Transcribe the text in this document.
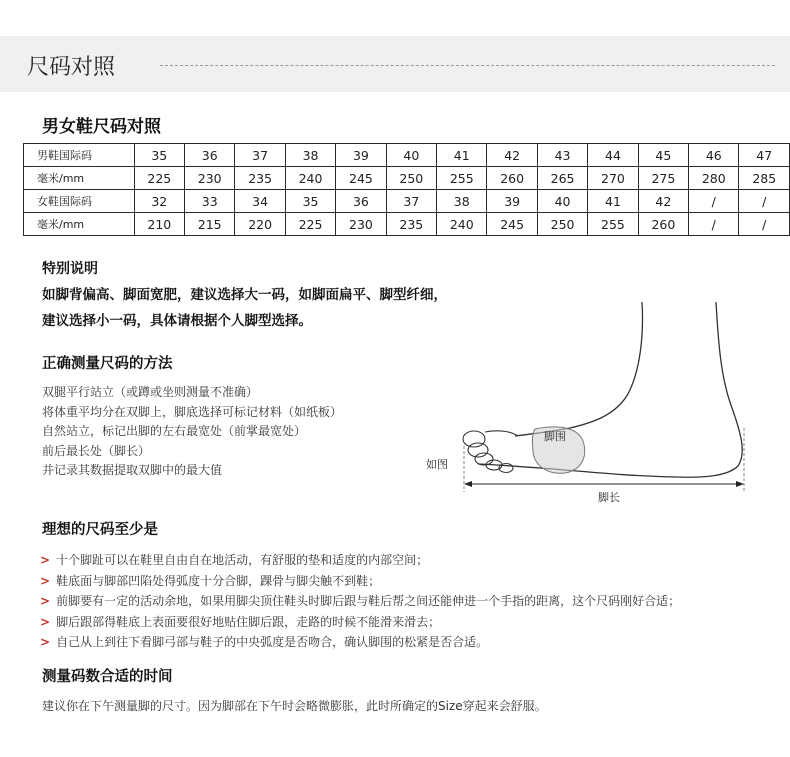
尺码对照
男女鞋尺码对照
男鞋国际码	35	36	37	38	39	40	41	42	43	44	45	46	47
毫米/mm	225	230	235	240	245	250	255	260	265	270	275	280	285
女鞋国际码	32	33	34	35	36	37	38	39	40	41	42	/	/
毫米/mm	210	215	220	225	230	235	240	245	250	255	260	/	/
特别说明
如脚背偏高、脚面宽肥，建议选择大一码，如脚面扁平、脚型纤细，
建议选择小一码，具体请根据个人脚型选择。
正确测量尺码的方法
双腿平行站立（或蹲或坐则测量不准确）
将体重平均分在双脚上，脚底选择可标记材料（如纸板）
自然站立，标记出脚的左右最宽处（前掌最宽处）
前后最长处（脚长）
并记录其数据提取双脚中的最大值
脚围
如图
脚长
理想的尺码至少是
> 十个脚趾可以在鞋里自由自在地活动，有舒服的垫和适度的内部空间；
> 鞋底面与脚部凹陷处得弧度十分合脚，踝骨与脚尖触不到鞋；
> 前脚要有一定的活动余地，如果用脚尖顶住鞋头时脚后跟与鞋后帮之间还能伸进一个手指的距离，这个尺码刚好合适；
> 脚后跟部得鞋底上表面要很好地贴住脚后跟，走路的时候不能滑来滑去；
> 自己从上到往下看脚弓部与鞋子的中央弧度是否吻合，确认脚围的松紧是否合适。
测量码数合适的时间
建议你在下午测量脚的尺寸。因为脚部在下午时会略微膨胀，此时所确定的Size穿起来会舒服。
